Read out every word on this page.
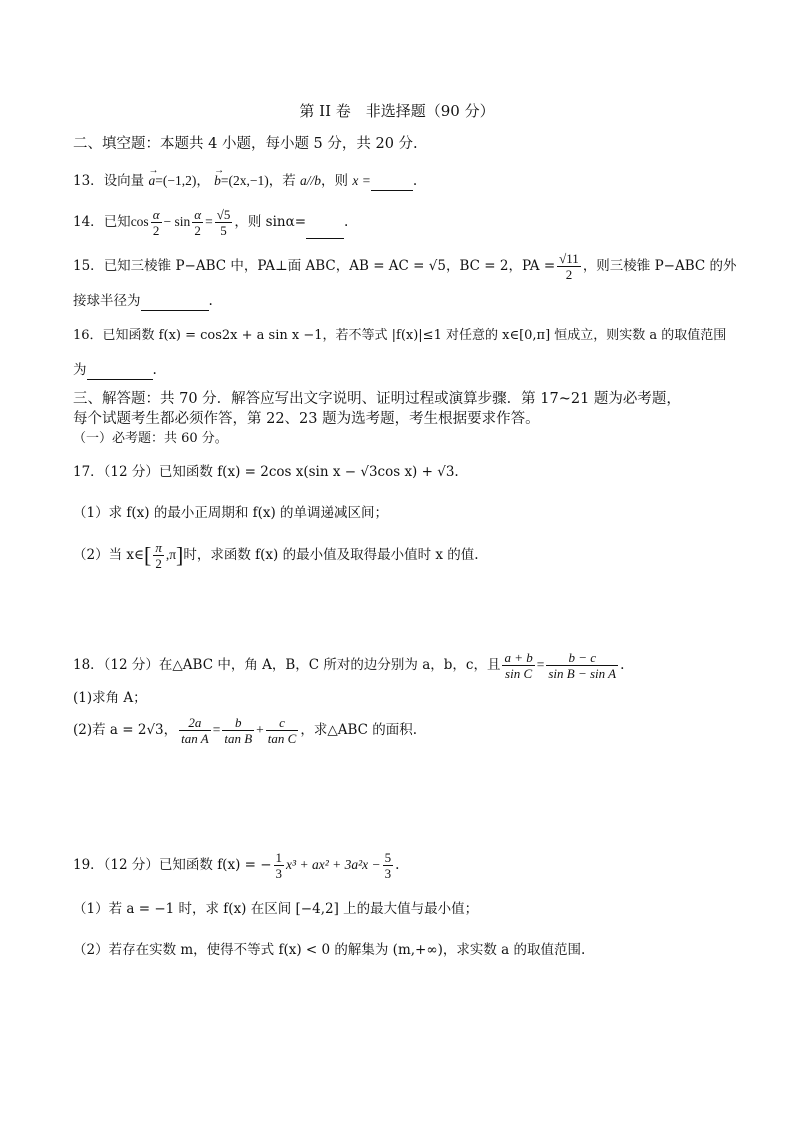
第 II 卷　非选择题（90 分）
二、填空题：本题共 4 小题，每小题 5 分，共 20 分.
13．设向量 → a=(−1,2)， → b=(2x,−1)，若 a//b，则 x =	.
14．已知$\cos \frac{\alpha}{2} - \sin \frac{\alpha}{2} = \frac{√5}{5}$ ，则 sinα=	.
15．已知三棱锥 P−ABC 中，PA⊥面 ABC，AB = AC = √5，BC = 2，PA = $\frac{√11}{2}$ ，则三棱锥 P−ABC 的外
接球半径为	.
16．已知函数 f(x) = cos2x + a sin x −1，若不等式 |f(x)|≤1 对任意的 x∈[0,π] 恒成立，则实数 a 的取值范围
为	.
三、解答题：共 70 分．解答应写出文字说明、证明过程或演算步骤．第 17~21 题为必考题，
每个试题考生都必须作答，第 22、23 题为选考题，考生根据要求作答。
（一）必考题：共 60 分。
17．（12 分）已知函数 f(x) = 2cos x(sin x − √3cos x) + √3.
（1）求 f(x) 的最小正周期和 f(x) 的单调递减区间；
（2）当 x∈[ $\frac{\pi}{2} ,\pi$]时，求函数 f(x) 的最小值及取得最小值时 x 的值.
18．（12 分）在△ABC 中，角 A，B，C 所对的边分别为 a，b，c，且 $\frac{a + b}{\text{sin C}} = \frac{b - c}{\text{sin B − sin A}}$ .
(1)求角 A；
(2)若 a = 2√3， $\frac{2a}{\text{tan A}} = \frac{b}{\text{tan B}} + \frac{c}{\text{tan C}}$ ，求△ABC 的面积.
19．（12 分）已知函数 f(x) = − $\frac{1}{3} x^3 + ax^2 + 3a^2x - \frac{5}{3}$ .
（1）若 a = −1 时，求 f(x) 在区间 [−4,2] 上的最大值与最小值；
（2）若存在实数 m，使得不等式 f(x) < 0 的解集为 (m,+∞)，求实数 a 的取值范围.
